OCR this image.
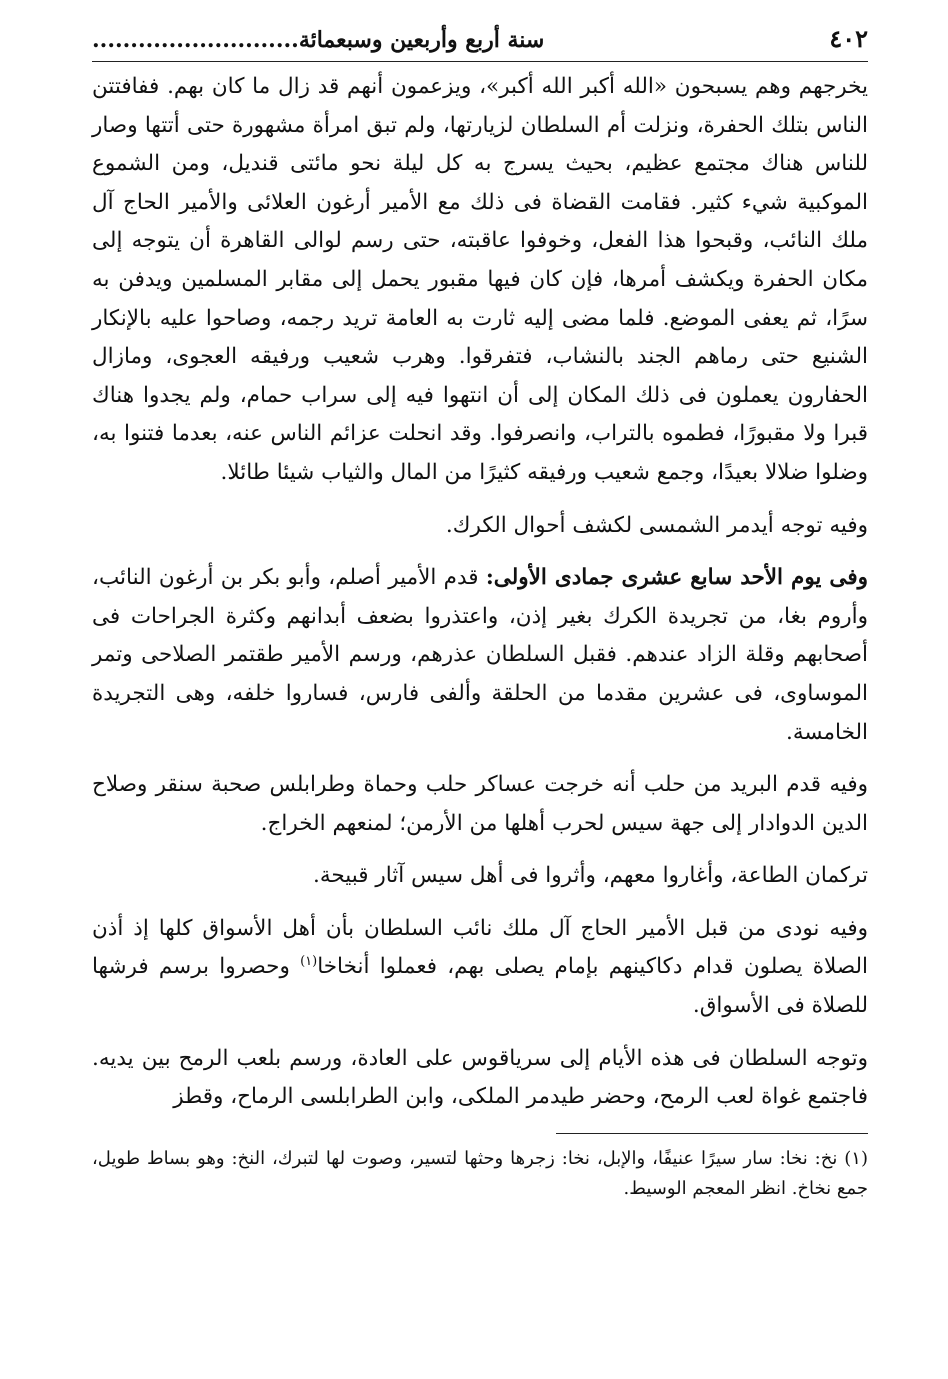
٤٠٢
سنة أربع وأربعين وسبعمائة...........................

يخرجهم وهم يسبحون «الله أكبر الله أكبر»، ويزعمون أنهم قد زال ما كان بهم. ففافتتن الناس بتلك الحفرة، ونزلت أم السلطان لزيارتها، ولم تبق امرأة مشهورة حتى أتتها وصار للناس هناك مجتمع عظيم، بحيث يسرج به كل ليلة نحو مائتى قنديل، ومن الشموع الموكبية شيء كثير. فقامت القضاة فى ذلك مع الأمير أرغون العلائى والأمير الحاج آل ملك النائب، وقبحوا هذا الفعل، وخوفوا عاقبته، حتى رسم لوالى القاهرة أن يتوجه إلى مكان الحفرة ويكشف أمرها، فإن كان فيها مقبور يحمل إلى مقابر المسلمين ويدفن به سرًا، ثم يعفى الموضع. فلما مضى إليه ثارت به العامة تريد رجمه، وصاحوا عليه بالإنكار الشنيع حتى رماهم الجند بالنشاب، فتفرقوا. وهرب شعيب ورفيقه العجوى، ومازال الحفارون يعملون فى ذلك المكان إلى أن انتهوا فيه إلى سراب حمام، ولم يجدوا هناك قبرا ولا مقبورًا، فطموه بالتراب، وانصرفوا. وقد انحلت عزائم الناس عنه، بعدما فتنوا به، وضلوا ضلالا بعيدًا، وجمع شعيب ورفيقه كثيرًا من المال والثياب شيئا طائلا.

وفيه توجه أيدمر الشمسى لكشف أحوال الكرك.

وفى يوم الأحد سابع عشرى جمادى الأولى: قدم الأمير أصلم، وأبو بكر بن أرغون النائب، وأروم بغا، من تجريدة الكرك بغير إذن، واعتذروا بضعف أبدانهم وكثرة الجراحات فى أصحابهم وقلة الزاد عندهم. فقبل السلطان عذرهم، ورسم الأمير طقتمر الصلاحى وتمر الموساوى، فى عشرين مقدما من الحلقة وألفى فارس، فساروا خلفه، وهى التجريدة الخامسة.

وفيه قدم البريد من حلب أنه خرجت عساكر حلب وحماة وطرابلس صحبة سنقر وصلاح الدين الدوادار إلى جهة سيس لحرب أهلها من الأرمن؛ لمنعهم الخراج.

تركمان الطاعة، وأغاروا معهم، وأثروا فى أهل سيس آثار قبيحة.

وفيه نودى من قبل الأمير الحاج آل ملك نائب السلطان بأن أهل الأسواق كلها إذ أذن الصلاة يصلون قدام دكاكينهم بإمام يصلى بهم، فعملوا أنخاخا$^{(١)}$ وحصروا برسم فرشها للصلاة فى الأسواق.

وتوجه السلطان فى هذه الأيام إلى سرياقوس على العادة، ورسم بلعب الرمح بين يديه. فاجتمع غواة لعب الرمح، وحضر طيدمر الملكى، وابن الطرابلسى الرماح، وقطز

(١) نخ: نخا: سار سيرًا عنيفًا، والإبل، نخا: زجرها وحثها لتسير، وصوت لها لتبرك، النخ: وهو بساط طويل، جمع نخاخ. انظر المعجم الوسيط.
